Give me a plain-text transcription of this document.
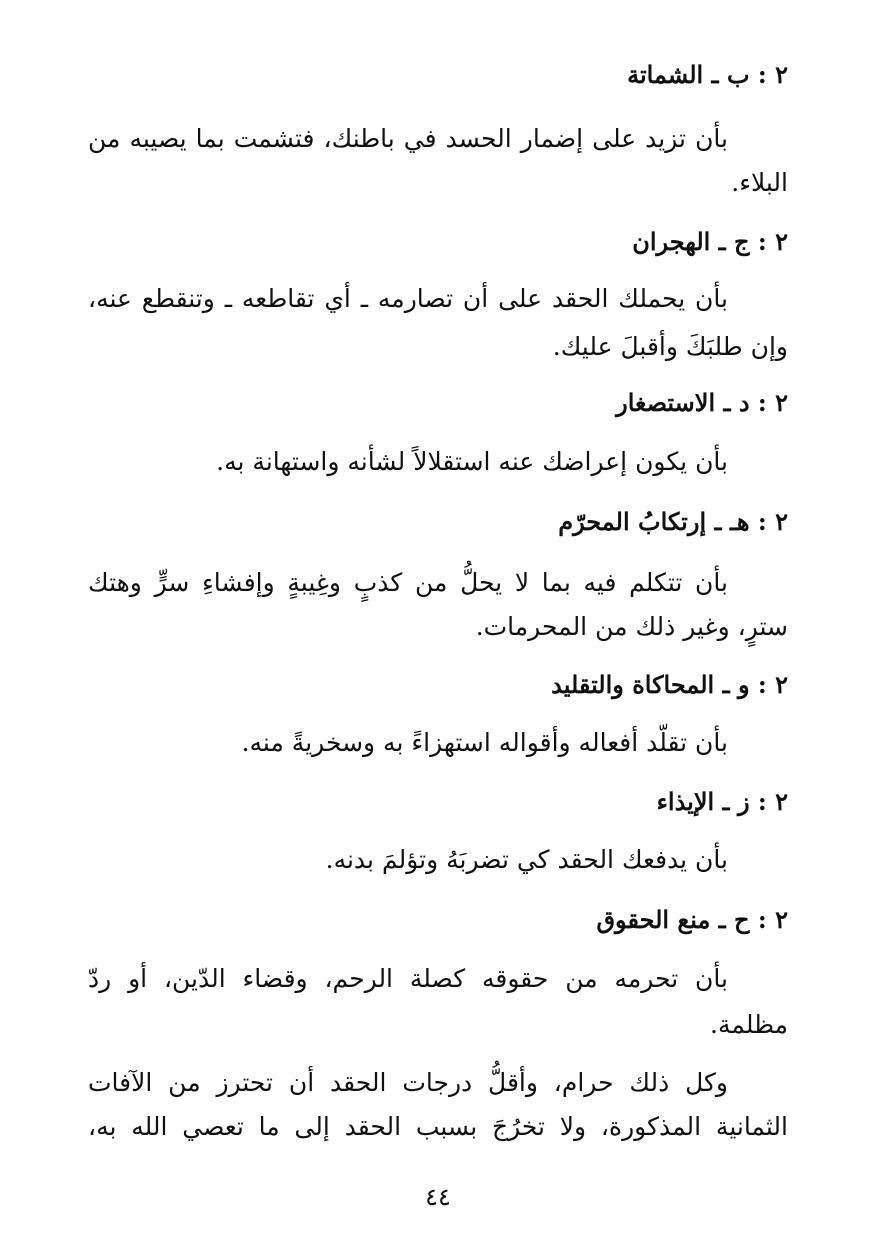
٢ : ب ـ الشماتة
بأن تزيد على إضمار الحسد في باطنك، فتشمت بما يصيبه من
البلاء.
٢ : ج ـ الهجران
بأن يحملك الحقد على أن تصارمه ـ أي تقاطعه ـ وتنقطع عنه،
وإن طلبَكَ وأقبلَ عليك.
٢ : د ـ الاستصغار
بأن يكون إعراضك عنه استقلالاً لشأنه واستهانة به.
٢ : هـ ـ إرتكابُ المحرّم
بأن تتكلم فيه بما لا يحلُّ من كذبٍ وغِيبةٍ وإفشاءِ سرٍّ وهتك
سترٍ، وغير ذلك من المحرمات.
٢ : و ـ المحاكاة والتقليد
بأن تقلّد أفعاله وأقواله استهزاءً به وسخريةً منه.
٢ : ز ـ الإيذاء
بأن يدفعك الحقد كي تضربَهُ وتؤلمَ بدنه.
٢ : ح ـ منع الحقوق
بأن تحرمه من حقوقه كصلة الرحم، وقضاء الدّين، أو ردّ
مظلمة.
وكل ذلك حرام، وأقلُّ درجات الحقد أن تحترز من الآفات
الثمانية المذكورة، ولا تخرُجَ بسبب الحقد إلى ما تعصي الله به،
٤٤
